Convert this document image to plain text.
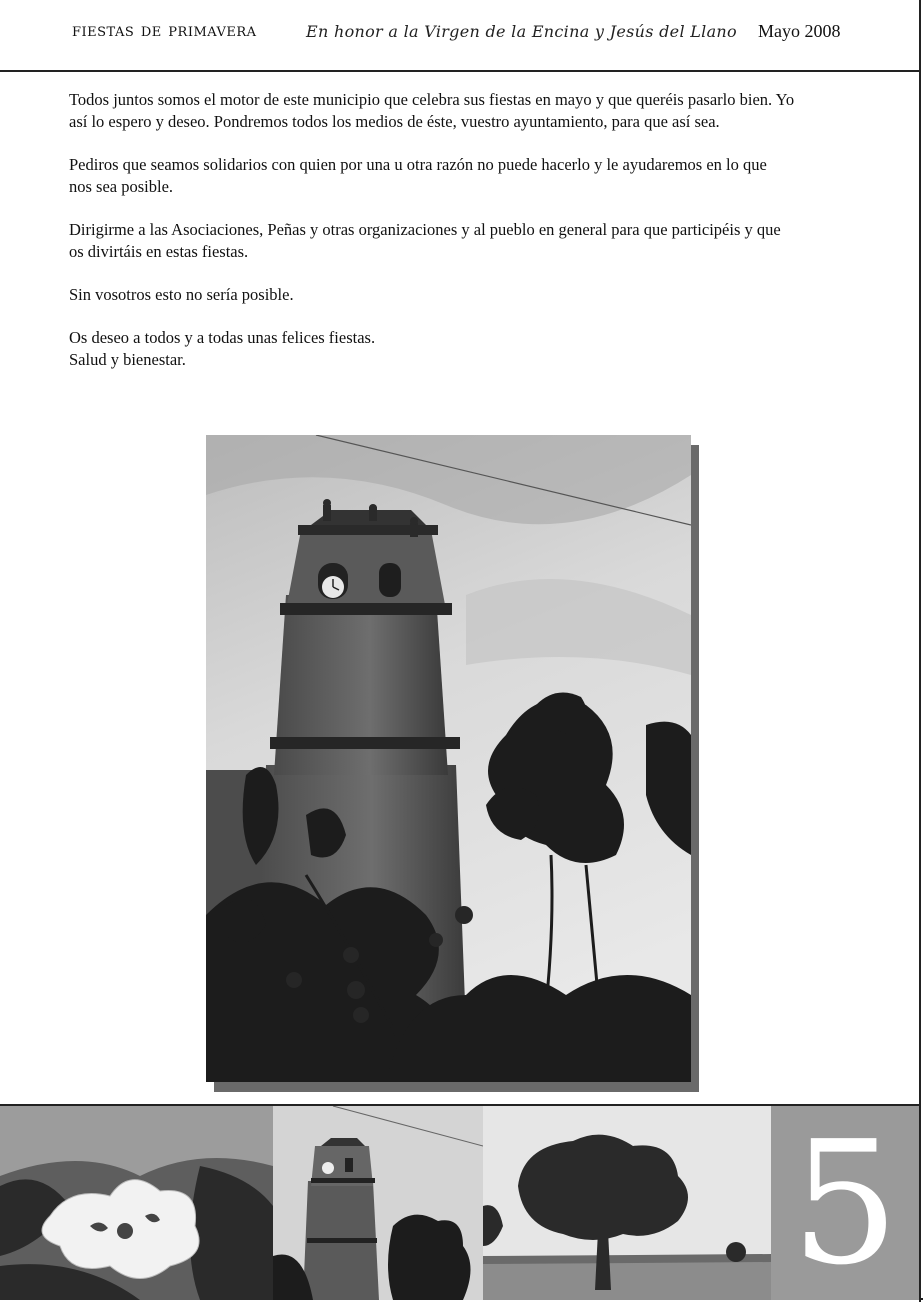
fiestas de primavera	En honor a la Virgen de la Encina y Jesús del Llano Mayo 2008

Todos juntos somos el motor de este municipio que celebra sus fiestas en mayo y que queréis pasarlo bien. Yo
así lo espero y deseo. Pondremos todos los medios de éste, vuestro ayuntamiento, para que así sea.

Pediros que seamos solidarios con quien por una u otra razón no puede hacerlo y le ayudaremos en lo que
nos sea posible.

Dirigirme a las Asociaciones, Peñas y otras organizaciones y al pueblo en general para que participéis y que
os divirtáis en estas fiestas.

Sin vosotros esto no sería posible.

Os deseo a todos y a todas unas felices fiestas.
Salud y bienestar.

5
